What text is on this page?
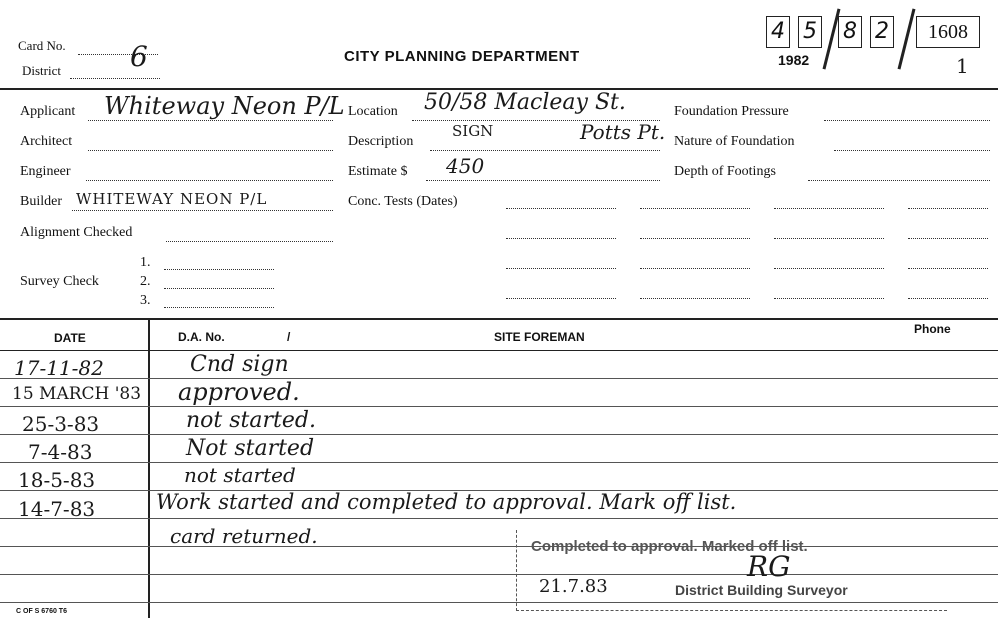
Card No. 6
District
CITY PLANNING DEPARTMENT
4 5 8 2	1608
1982	1
Applicant Whiteway Neon P/L
Architect
Engineer
Builder WHITEWAY NEON P/L
Alignment Checked
Survey Check
1.
2.
3.
Location 50/58 Macleay St.
Description
SIGN	Potts Pt.
Estimate $ 450
Conc. Tests (Dates)
Foundation Pressure
Nature of Foundation
Depth of Footings
DATE	D.A. No.	/	SITE FOREMAN
Phone
17-11-82	Cnd sign
15 MARCH '83 approved.
25-3-83	not started.
7-4-83	Not started
18-5-83	not started
14-7-83	Work started and completed to approval. Mark off list.
card returned.	Completed to approval. Marked off list.
21.7.83
RG
District Building Surveyor
C OF S 6760 T6
